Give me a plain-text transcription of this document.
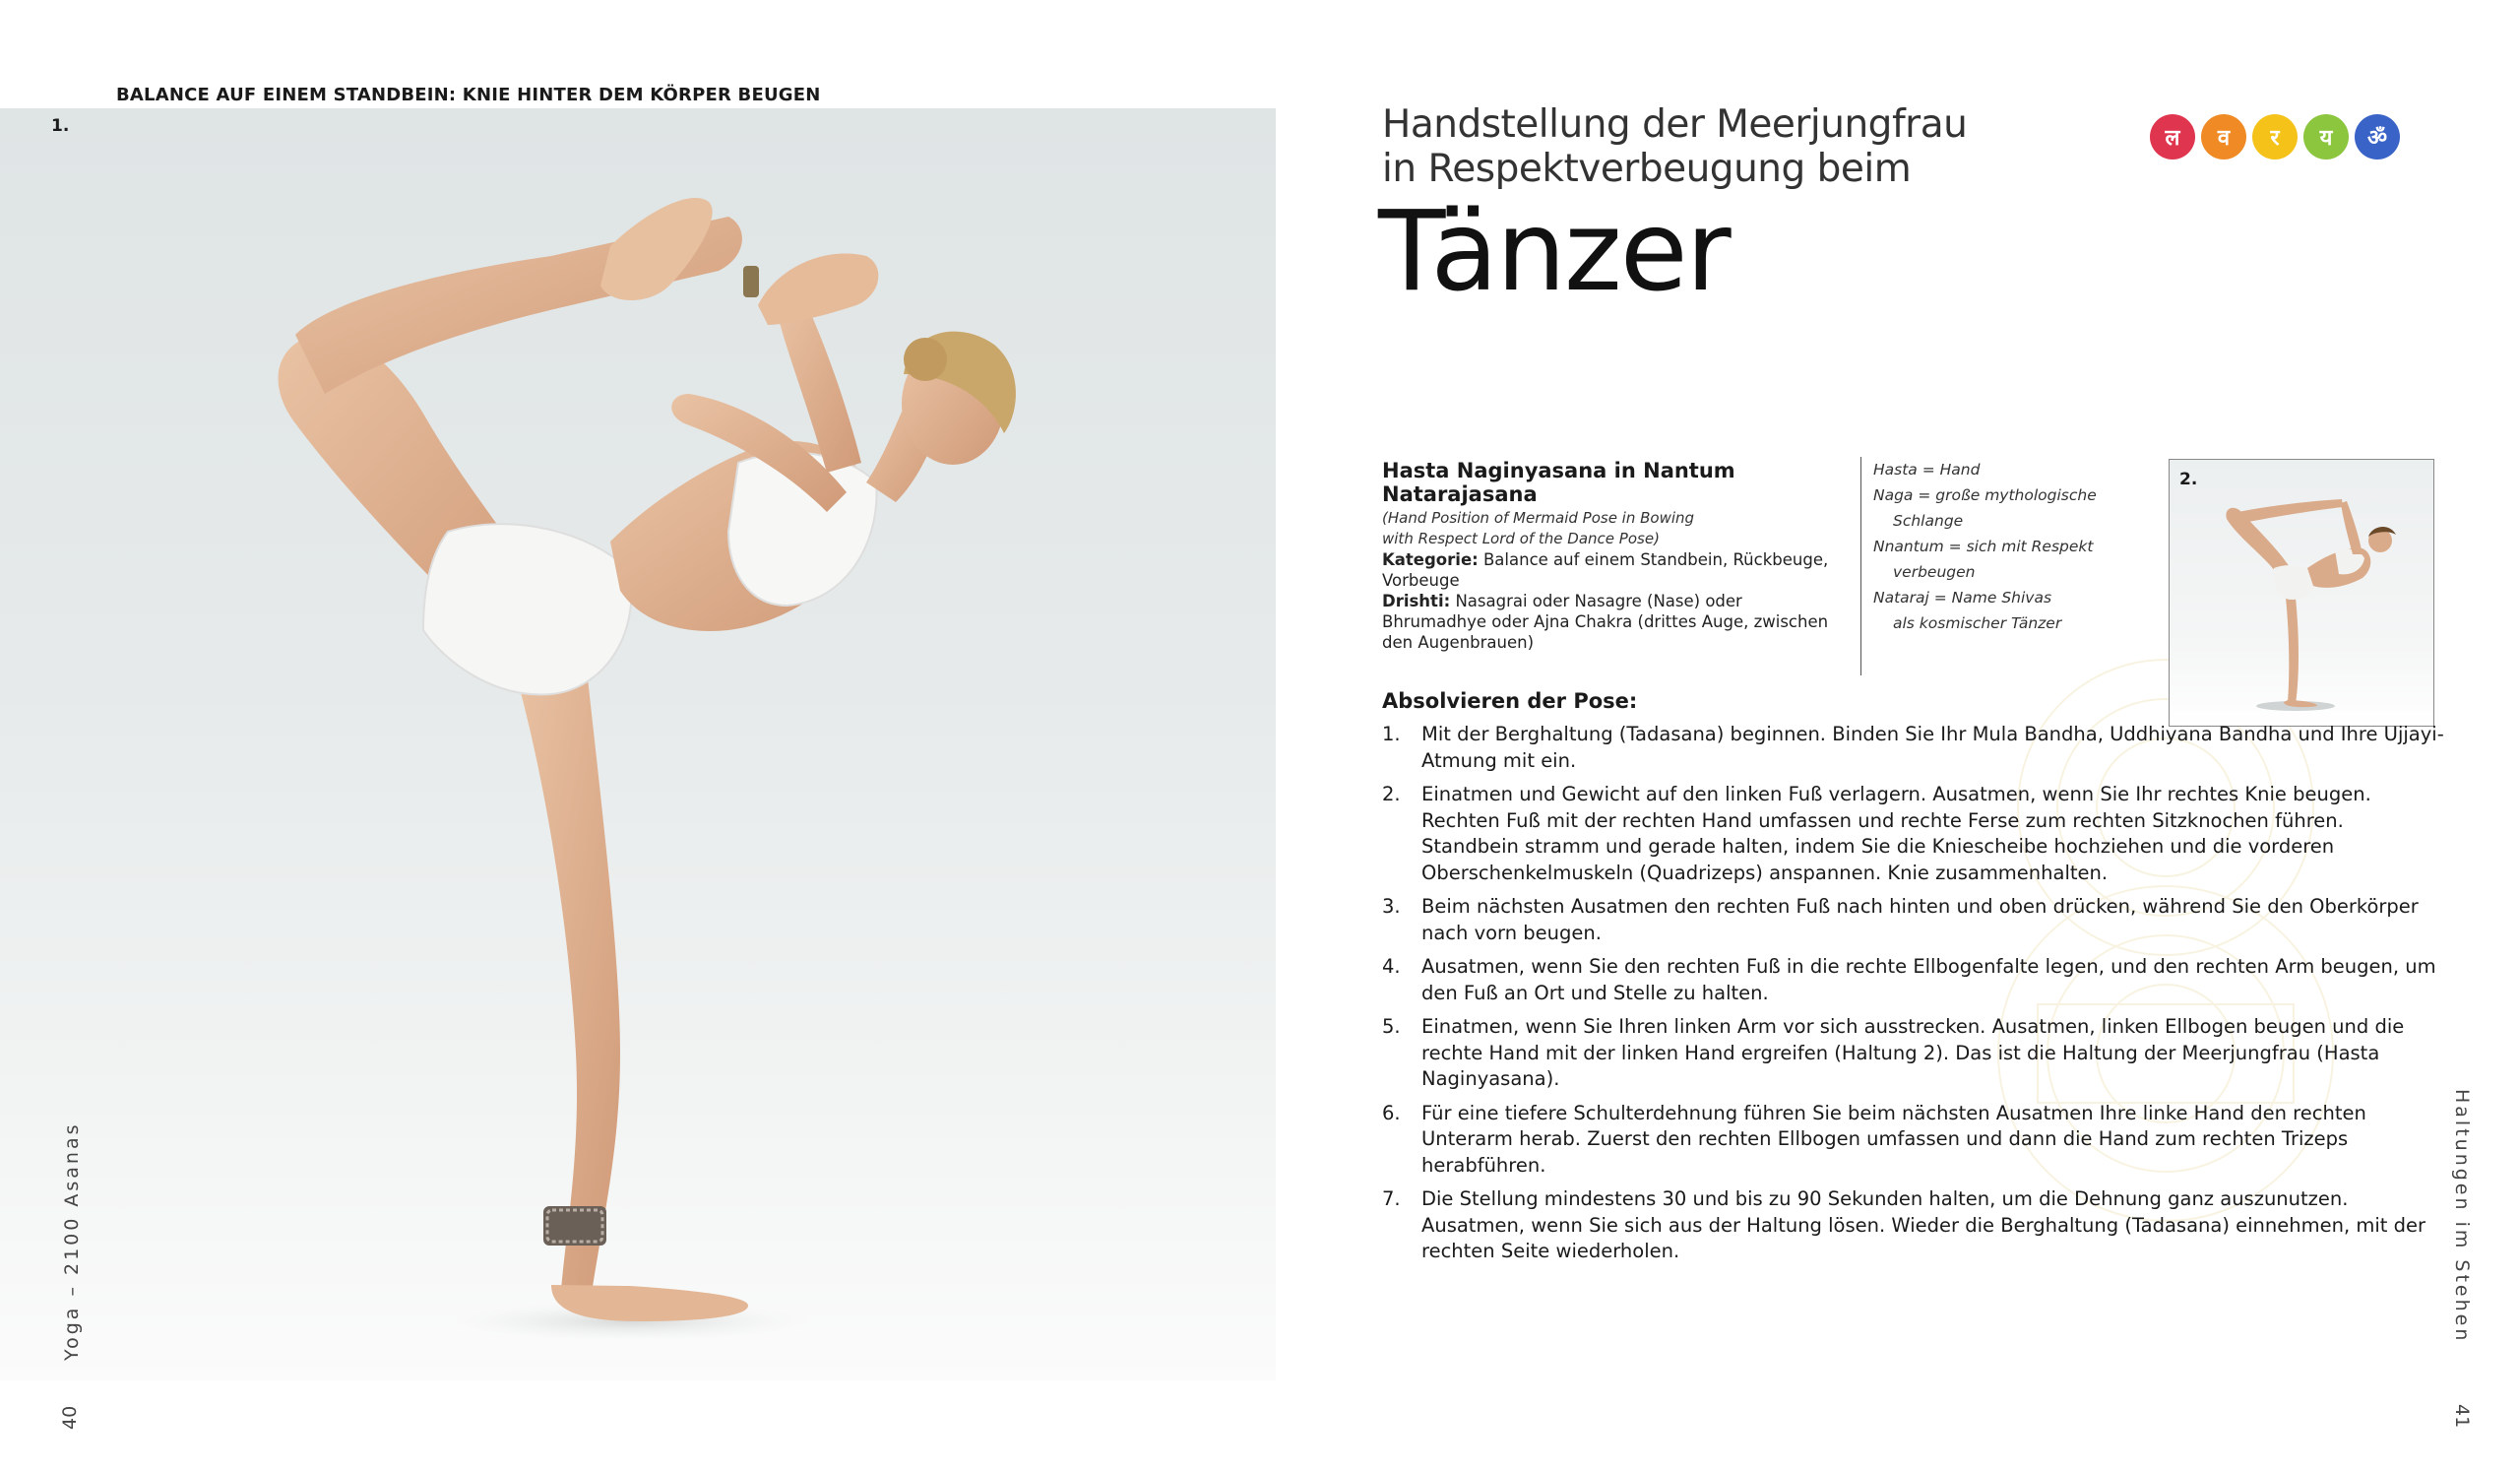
BALANCE AUF EINEM STANDBEIN: KNIE HINTER DEM KÖRPER BEUGEN
1.
Yoga – 2100 Asanas
40
Handstellung der Meerjungfrau
in Respektverbeugung beim
Tänzer
ल	व	र	य	ॐ
Hasta Naginyasana in Nantum
Natarajasana
(Hand Position of Mermaid Pose in Bowing
with Respect Lord of the Dance Pose)
Kategorie: Balance auf einem Standbein, Rückbeuge, Vorbeuge
Drishti: Nasagrai oder Nasagre (Nase) oder Bhrumadhye oder Ajna Chakra (drittes Auge, zwischen den Augenbrauen)
Hasta = Hand
Naga = große mythologische
Schlange
Nnantum = sich mit Respekt
verbeugen
Nataraj = Name Shivas
als kosmischer Tänzer
2.
Absolvieren der Pose:
1.	Mit der Berghaltung (Tadasana) beginnen. Binden Sie Ihr Mula Bandha, Uddhiyana Bandha und Ihre Ujjayi-Atmung mit ein.
2.	Einatmen und Gewicht auf den linken Fuß verlagern. Ausatmen, wenn Sie Ihr rechtes Knie beugen. Rechten Fuß mit der rechten Hand umfassen und rechte Ferse zum rechten Sitzknochen führen. Standbein stramm und gerade halten, indem Sie die Kniescheibe hochziehen und die vorderen Oberschenkelmuskeln (Quadrizeps) anspannen. Knie zusammenhalten.
3.	Beim nächsten Ausatmen den rechten Fuß nach hinten und oben drücken, während Sie den Oberkörper nach vorn beugen.
4.	Ausatmen, wenn Sie den rechten Fuß in die rechte Ellbogenfalte legen, und den rechten Arm beugen, um den Fuß an Ort und Stelle zu halten.
5.	Einatmen, wenn Sie Ihren linken Arm vor sich ausstrecken. Ausatmen, linken Ellbogen beugen und die rechte Hand mit der linken Hand ergreifen (Haltung 2). Das ist die Haltung der Meerjungfrau (Hasta Naginyasana).
6.	Für eine tiefere Schulterdehnung führen Sie beim nächsten Ausatmen Ihre linke Hand den rechten Unterarm herab. Zuerst den rechten Ellbogen umfassen und dann die Hand zum rechten Trizeps herabführen.
7.	Die Stellung mindestens 30 und bis zu 90 Sekunden halten, um die Dehnung ganz auszunutzen. Ausatmen, wenn Sie sich aus der Haltung lösen. Wieder die Berghaltung (Tadasana) einnehmen, mit der rechten Seite wiederholen.	Haltungen im Stehen
41
